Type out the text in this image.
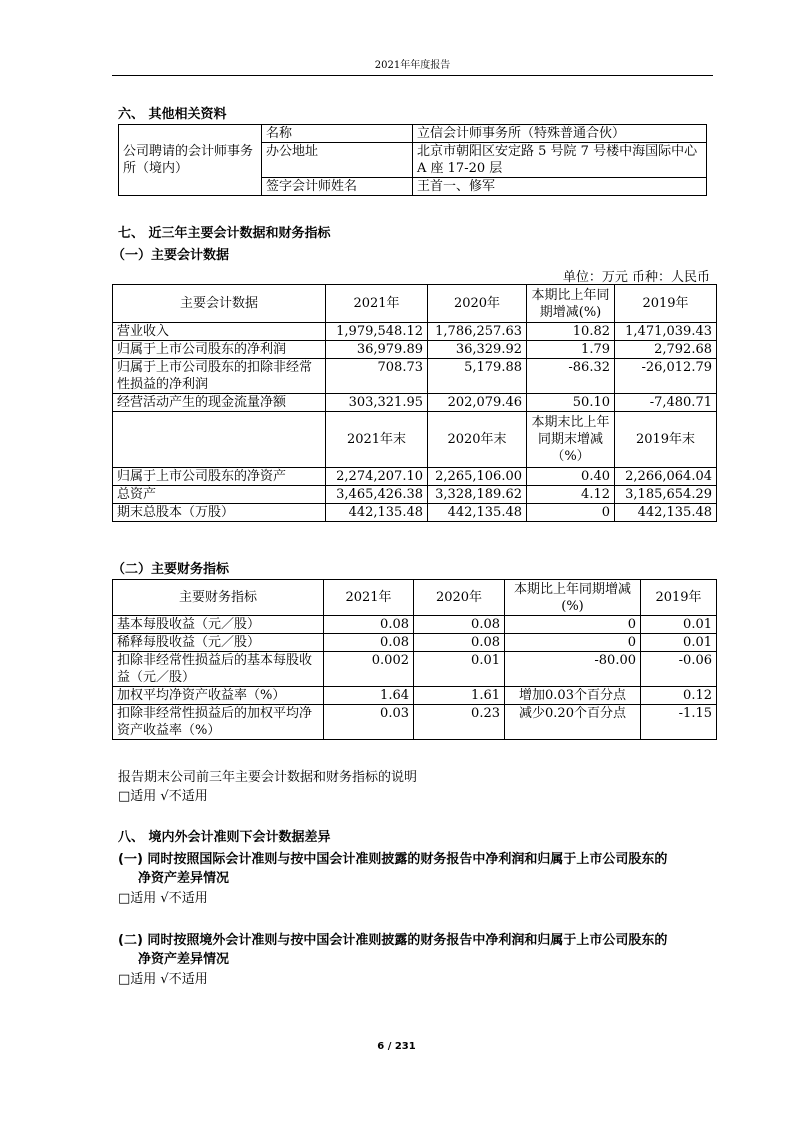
2021年年度报告
六、 其他相关资料
公司聘请的会计师事务所（境内）	名称	立信会计师事务所（特殊普通合伙）
	办公地址	北京市朝阳区安定路 5 号院 7 号楼中海国际中心 A 座 17-20 层
	签字会计师姓名	王首一、修军
七、 近三年主要会计数据和财务指标
（一）主要会计数据
单位：万元 币种：人民币
主要会计数据	2021年	2020年	本期比上年同期增减(%)	2019年
营业收入	1,979,548.12	1,786,257.63	10.82	1,471,039.43
归属于上市公司股东的净利润	36,979.89	36,329.92	1.79	2,792.68
归属于上市公司股东的扣除非经常性损益的净利润	708.73	5,179.88	-86.32	-26,012.79
经营活动产生的现金流量净额	303,321.95	202,079.46	50.10	-7,480.71
	2021年末	2020年末	本期末比上年同期末增减（%）	2019年末
归属于上市公司股东的净资产	2,274,207.10	2,265,106.00	0.40	2,266,064.04
总资产	3,465,426.38	3,328,189.62	4.12	3,185,654.29
期末总股本（万股）	442,135.48	442,135.48	0	442,135.48
（二）主要财务指标
主要财务指标	2021年	2020年	本期比上年同期增减(%)	2019年
基本每股收益（元／股）	0.08	0.08	0	0.01
稀释每股收益（元／股）	0.08	0.08	0	0.01
扣除非经常性损益后的基本每股收益（元／股）	0.002	0.01	-80.00	-0.06
加权平均净资产收益率（%）	1.64	1.61	增加0.03个百分点	0.12
扣除非经常性损益后的加权平均净资产收益率（%）	0.03	0.23	减少0.20个百分点	-1.15
报告期末公司前三年主要会计数据和财务指标的说明
□适用 √不适用
八、 境内外会计准则下会计数据差异
(一) 同时按照国际会计准则与按中国会计准则披露的财务报告中净利润和归属于上市公司股东的
净资产差异情况
□适用 √不适用
(二) 同时按照境外会计准则与按中国会计准则披露的财务报告中净利润和归属于上市公司股东的
净资产差异情况
□适用 √不适用
6 / 231
